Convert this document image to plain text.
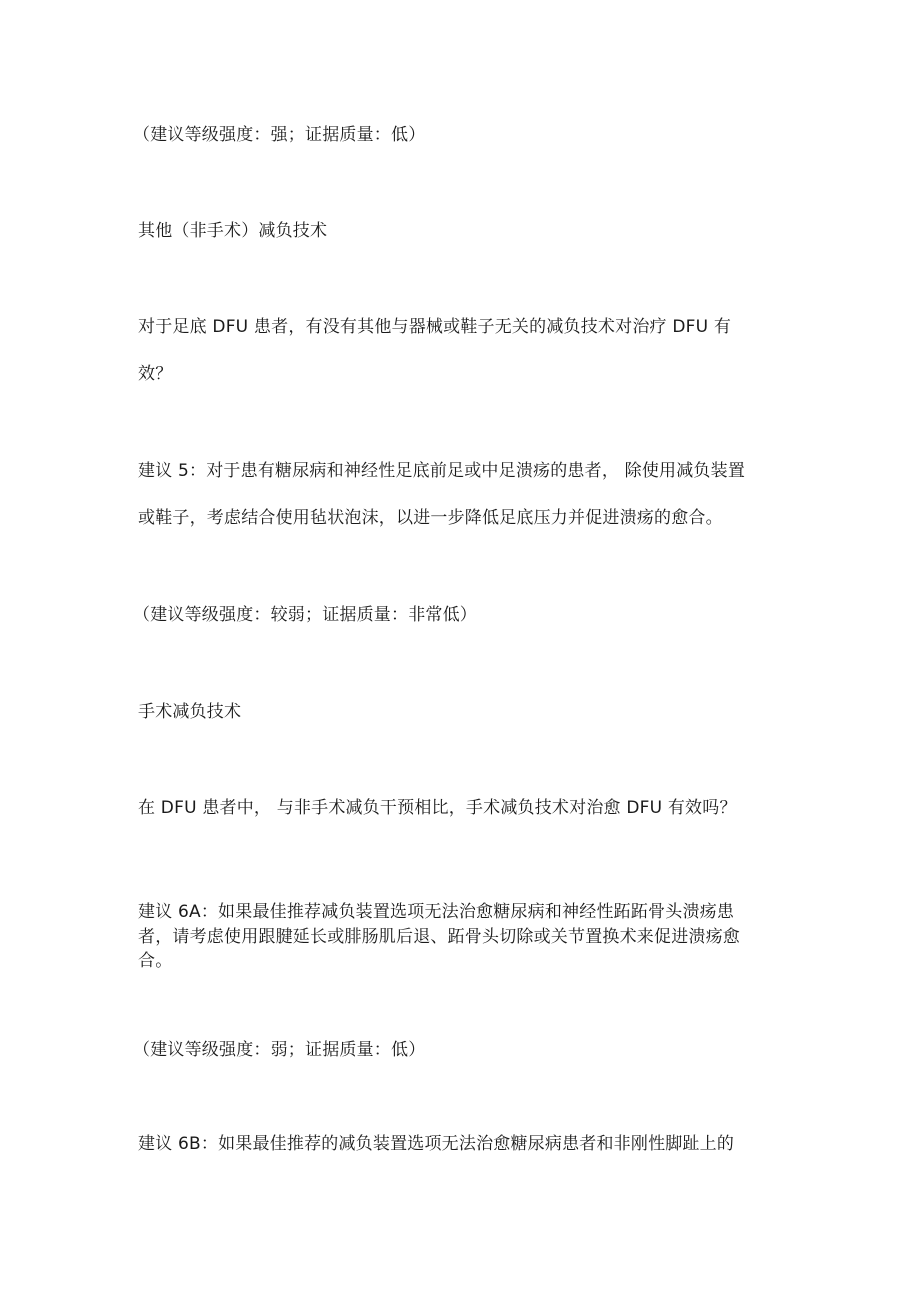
（建议等级强度：强；证据质量：低）

其他（非手术）减负技术

对于足底 DFU 患者，有没有其他与器械或鞋子无关的减负技术对治疗 DFU 有

效？

建议 5：对于患有糖尿病和神经性足底前足或中足溃疡的患者， 除使用减负装置

或鞋子，考虑结合使用毡状泡沫，以进一步降低足底压力并促进溃疡的愈合。

（建议等级强度：较弱；证据质量：非常低）

手术减负技术

在 DFU 患者中， 与非手术减负干预相比，手术减负技术对治愈 DFU 有效吗？

建议 6A：如果最佳推荐减负装置选项无法治愈糖尿病和神经性跖跖骨头溃疡患

者，请考虑使用跟腱延长或腓肠肌后退、跖骨头切除或关节置换术来促进溃疡愈

合。

（建议等级强度：弱；证据质量：低）

建议 6B：如果最佳推荐的减负装置选项无法治愈糖尿病患者和非刚性脚趾上的
